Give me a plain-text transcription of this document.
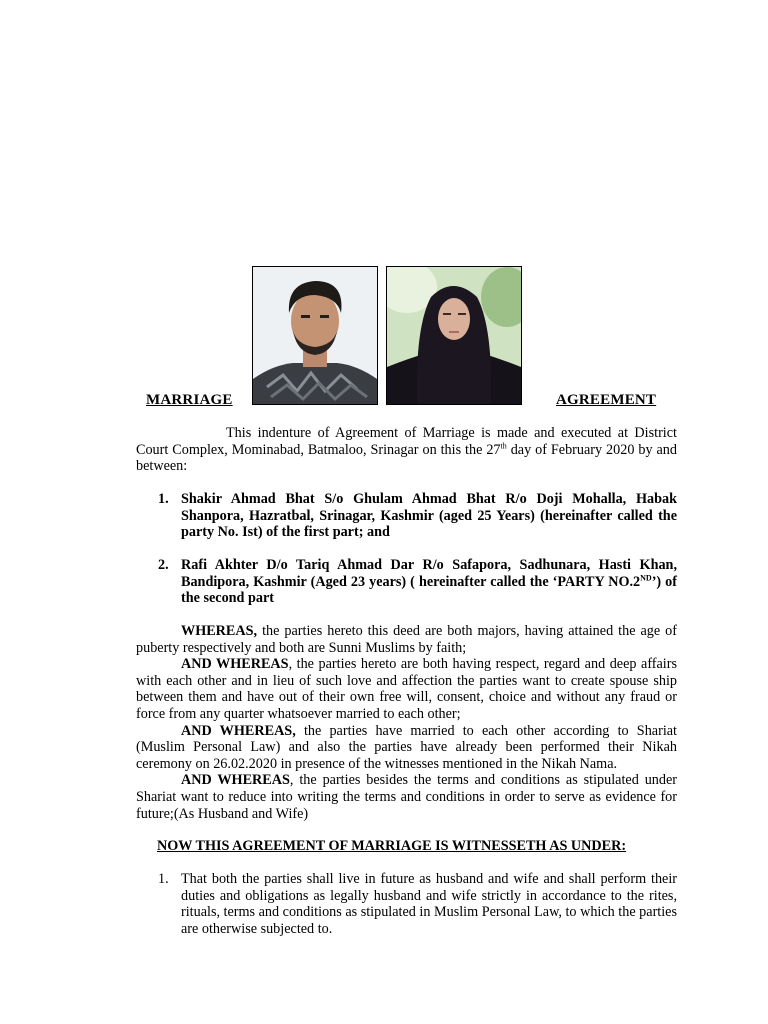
MARRIAGE	AGREEMENT
This indenture of Agreement of Marriage is made and executed at District Court Complex, Mominabad, Batmaloo, Srinagar on this the 27th day of February 2020 by and between:
1. Shakir Ahmad Bhat S/o Ghulam Ahmad Bhat R/o Doji Mohalla, Habak Shanpora, Hazratbal, Srinagar, Kashmir (aged 25 Years) (hereinafter called the party No. Ist) of the first part; and
2. Rafi Akhter D/o Tariq Ahmad Dar R/o Safapora, Sadhunara, Hasti Khan, Bandipora, Kashmir (Aged 23 years) ( hereinafter called the ‘PARTY NO.2ND’) of the second part

WHEREAS, the parties hereto this deed are both majors, having attained the age of puberty respectively and both are Sunni Muslims by faith;

AND WHEREAS, the parties hereto are both having respect, regard and deep affairs with each other and in lieu of such love and affection the parties want to create spouse ship between them and have out of their own free will, consent, choice and without any fraud or force from any quarter whatsoever married to each other;

AND WHEREAS, the parties have married to each other according to Shariat (Muslim Personal Law) and also the parties have already been performed their Nikah ceremony on 26.02.2020 in presence of the witnesses mentioned in the Nikah Nama.

AND WHEREAS, the parties besides the terms and conditions as stipulated under Shariat want to reduce into writing the terms and conditions in order to serve as evidence for future;(As Husband and Wife)

NOW THIS AGREEMENT OF MARRIAGE IS WITNESSETH AS UNDER:
1. That both the parties shall live in future as husband and wife and shall perform their duties and obligations as legally husband and wife strictly in accordance to the rites, rituals, terms and conditions as stipulated in Muslim Personal Law, to which the parties are otherwise subjected to.
